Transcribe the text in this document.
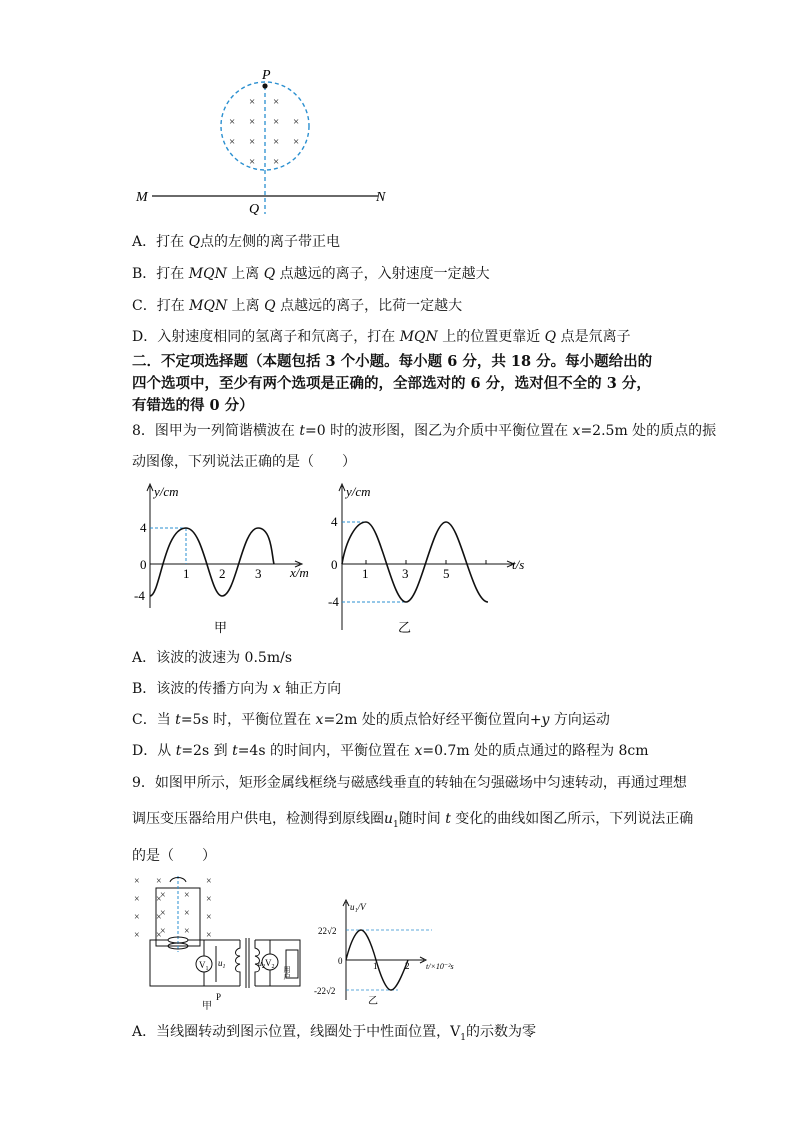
P
M	N
Q
× ×
× × × ×
× × × ×
× ×
A．打在 Q点的左侧的离子带正电
B．打在 MQN 上离 Q 点越远的离子，入射速度一定越大
C．打在 MQN 上离 Q 点越远的离子，比荷一定越大
D．入射速度相同的氢离子和氘离子，打在 MQN 上的位置更靠近 Q 点是氘离子
二．不定项选择题（本题包括 3 个小题。每小题 6 分，共 18 分。每小题给出的
四个选项中，至少有两个选项是正确的，全部选对的 6 分，选对但不全的 3 分，
有错选的得 0 分）
8．图甲为一列简谐横波在 t=0 时的波形图，图乙为介质中平衡位置在 x=2.5m 处的质点的振
动图像，下列说法正确的是（　　）
y/cm
x/m
4
0
-4
1 2 3
甲
y/cm
t/s
4
0
-4
1	3	5
乙
A．该波的波速为 0.5m/s
B．该波的传播方向为 x 轴正方向
C．当 t=5s 时，平衡位置在 x=2m 处的质点恰好经平衡位置向+y 方向运动
D．从 t=2s 到 t=4s 的时间内，平衡位置在 x=0.7m 处的质点通过的路程为 8cm
9．如图甲所示，矩形金属线框绕与磁感线垂直的转轴在匀强磁场中匀速转动，再通过理想
调压变压器给用户供电，检测得到原线圈$u_1$随时间 t 变化的曲线如图乙所示，下列说法正确
的是（　　）
×
×
×
×
×
×
×
×
×
×
×
×
× ×
× ×
× ×
$V_1$
$u_1$
P
$V_2$
$u_2$	用户
甲
u₁/V
t/×10⁻²s
22√2
0
-22√2
1	2
乙
A．当线圈转动到图示位置，线圈处于中性面位置，$V_1$的示数为零
